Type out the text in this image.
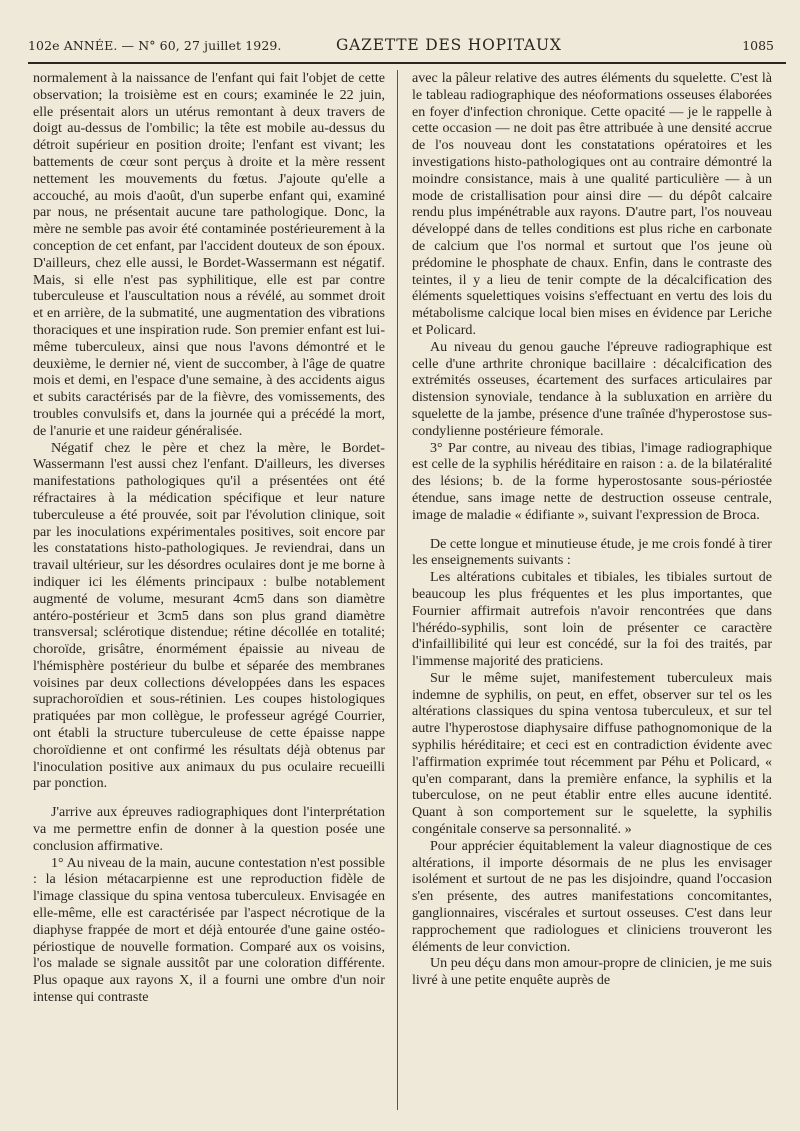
102e ANNÉE. — N° 60, 27 juillet 1929.	GAZETTE DES HOPITAUX	1085

normalement à la naissance de l'enfant qui fait l'objet de cette observation; la troisième est en cours; examinée le 22 juin, elle présentait alors un utérus remontant à deux travers de doigt au-dessus de l'ombilic; la tête est mobile au-dessus du détroit supérieur en position droite; l'enfant est vivant; les battements de cœur sont perçus à droite et la mère ressent nettement les mouvements du fœtus. J'ajoute qu'elle a accouché, au mois d'août, d'un superbe enfant qui, examiné par nous, ne présentait aucune tare pathologique. Donc, la mère ne semble pas avoir été contaminée postérieurement à la conception de cet enfant, par l'accident douteux de son époux. D'ailleurs, chez elle aussi, le Bordet-Wassermann est négatif. Mais, si elle n'est pas syphilitique, elle est par contre tuberculeuse et l'auscultation nous a révélé, au sommet droit et en arrière, de la submatité, une augmentation des vibrations thoraciques et une inspiration rude. Son premier enfant est lui-même tuberculeux, ainsi que nous l'avons démontré et le deuxième, le dernier né, vient de succomber, à l'âge de quatre mois et demi, en l'espace d'une semaine, à des accidents aigus et subits caractérisés par de la fièvre, des vomissements, des troubles convulsifs et, dans la journée qui a précédé la mort, de l'anurie et une raideur généralisée.

Négatif chez le père et chez la mère, le Bordet-Wassermann l'est aussi chez l'enfant. D'ailleurs, les diverses manifestations pathologiques qu'il a présentées ont été réfractaires à la médication spécifique et leur nature tuberculeuse a été prouvée, soit par l'évolution clinique, soit par les inoculations expérimentales positives, soit encore par les constatations histo-pathologiques. Je reviendrai, dans un travail ultérieur, sur les désordres oculaires dont je me borne à indiquer ici les éléments principaux : bulbe notablement augmenté de volume, mesurant 4cm5 dans son diamètre antéro-postérieur et 3cm5 dans son plus grand diamètre transversal; sclérotique distendue; rétine décollée en totalité; choroïde, grisâtre, énormément épaissie au niveau de l'hémisphère postérieur du bulbe et séparée des membranes voisines par deux collections développées dans les espaces suprachoroïdien et sous-rétinien. Les coupes histologiques pratiquées par mon collègue, le professeur agrégé Courrier, ont établi la structure tuberculeuse de cette épaisse nappe choroïdienne et ont confirmé les résultats déjà obtenus par l'inoculation positive aux animaux du pus oculaire recueilli par ponction.

J'arrive aux épreuves radiographiques dont l'interprétation va me permettre enfin de donner à la question posée une conclusion affirmative.

1° Au niveau de la main, aucune contestation n'est possible : la lésion métacarpienne est une reproduction fidèle de l'image classique du spina ventosa tuberculeux. Envisagée en elle-même, elle est caractérisée par l'aspect nécrotique de la diaphyse frappée de mort et déjà entourée d'une gaine ostéo-périostique de nouvelle formation. Comparé aux os voisins, l'os malade se signale aussitôt par une coloration différente. Plus opaque aux rayons X, il a fourni une ombre d'un noir intense qui contraste

avec la pâleur relative des autres éléments du squelette. C'est là le tableau radiographique des néoformations osseuses élaborées en foyer d'infection chronique. Cette opacité — je le rappelle à cette occasion — ne doit pas être attribuée à une densité accrue de l'os nouveau dont les constatations opératoires et les investigations histo-pathologiques ont au contraire démontré la moindre consistance, mais à une qualité particulière — à un mode de cristallisation pour ainsi dire — du dépôt calcaire rendu plus impénétrable aux rayons. D'autre part, l'os nouveau développé dans de telles conditions est plus riche en carbonate de calcium que l'os normal et surtout que l'os jeune où prédomine le phosphate de chaux. Enfin, dans le contraste des teintes, il y a lieu de tenir compte de la décalcification des éléments squelettiques voisins s'effectuant en vertu des lois du métabolisme calcique local bien mises en évidence par Leriche et Policard.

Au niveau du genou gauche l'épreuve radiographique est celle d'une arthrite chronique bacillaire : décalcification des extrémités osseuses, écartement des surfaces articulaires par distension synoviale, tendance à la subluxation en arrière du squelette de la jambe, présence d'une traînée d'hyperostose sus-condylienne postérieure fémorale.

3° Par contre, au niveau des tibias, l'image radiographique est celle de la syphilis héréditaire en raison : a. de la bilatéralité des lésions; b. de la forme hyperostosante sous-périostée étendue, sans image nette de destruction osseuse centrale, image de maladie « édifiante », suivant l'expression de Broca.

De cette longue et minutieuse étude, je me crois fondé à tirer les enseignements suivants :

Les altérations cubitales et tibiales, les tibiales surtout de beaucoup les plus fréquentes et les plus importantes, que Fournier affirmait autrefois n'avoir rencontrées que dans l'hérédo-syphilis, sont loin de présenter ce caractère d'infaillibilité qui leur est concédé, sur la foi des traités, par l'immense majorité des praticiens.

Sur le même sujet, manifestement tuberculeux mais indemne de syphilis, on peut, en effet, observer sur tel os les altérations classiques du spina ventosa tuberculeux, et sur tel autre l'hyperostose diaphysaire diffuse pathognomonique de la syphilis héréditaire; et ceci est en contradiction évidente avec l'affirmation exprimée tout récemment par Péhu et Policard, « qu'en comparant, dans la première enfance, la syphilis et la tuberculose, on ne peut établir entre elles aucune identité. Quant à son comportement sur le squelette, la syphilis congénitale conserve sa personnalité. »

Pour apprécier équitablement la valeur diagnostique de ces altérations, il importe désormais de ne plus les envisager isolément et surtout de ne pas les disjoindre, quand l'occasion s'en présente, des autres manifestations concomitantes, ganglionnaires, viscérales et surtout osseuses. C'est dans leur rapprochement que radiologues et cliniciens trouveront les éléments de leur conviction.

Un peu déçu dans mon amour-propre de clinicien, je me suis livré à une petite enquête auprès de
